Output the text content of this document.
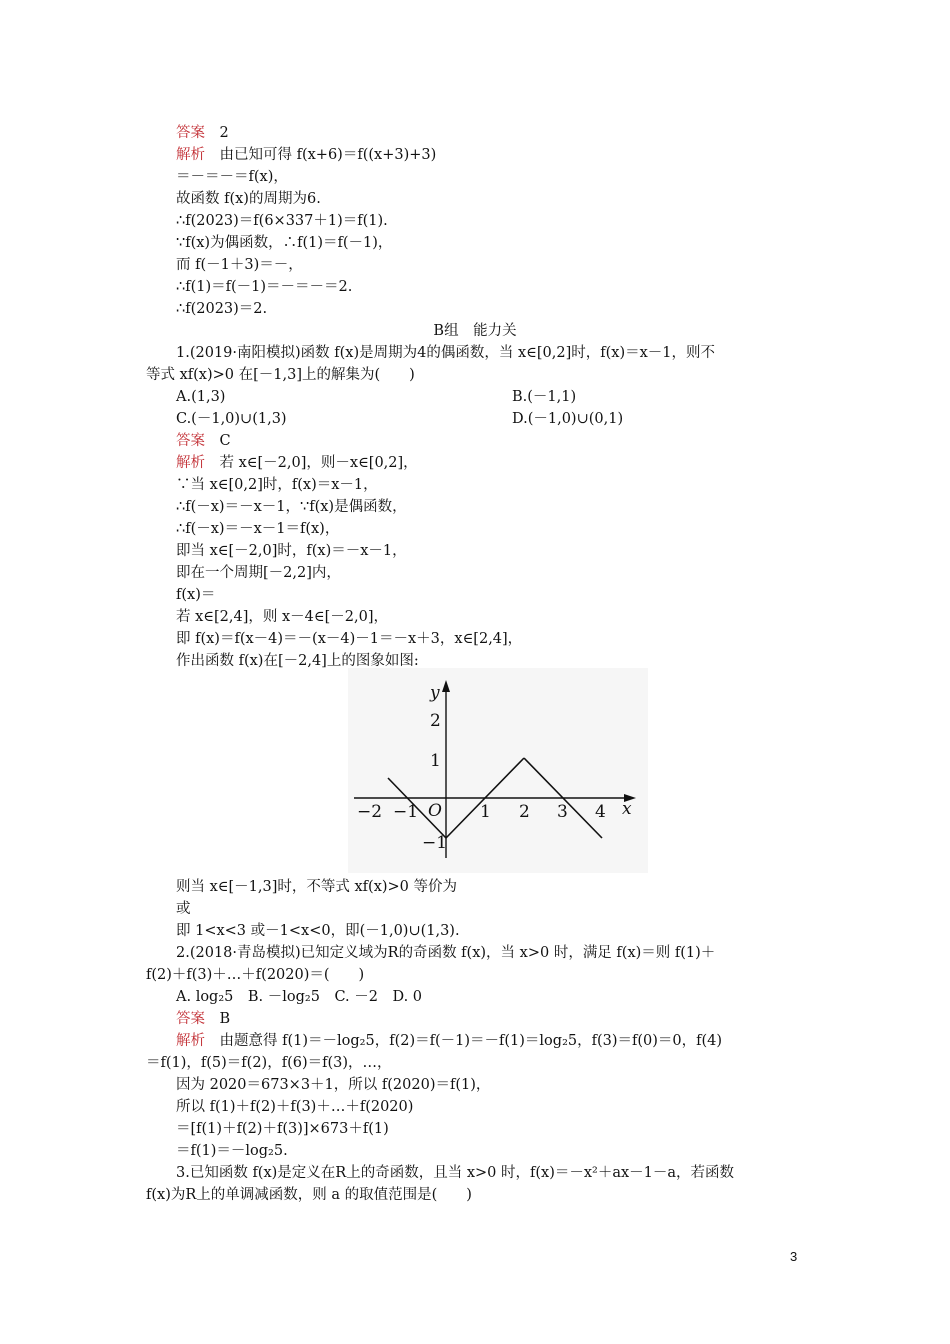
答案　2
解析　由已知可得 f(x+6)＝f((x+3)+3)
＝－＝－＝f(x)，
故函数 f(x)的周期为6.
∴f(2023)＝f(6×337＋1)＝f(1).
∵f(x)为偶函数，∴f(1)＝f(－1)，
而 f(－1＋3)＝－，
∴f(1)＝f(－1)＝－＝－＝2.
∴f(2023)＝2.
B组　能力关
1.(2019·南阳模拟)函数 f(x)是周期为4的偶函数，当 x∈[0,2]时，f(x)＝x－1，则不
等式 xf(x)>0 在[－1,3]上的解集为(　　)
A.(1,3)	B.(－1,1)
C.(－1,0)∪(1,3)	D.(－1,0)∪(0,1)
答案　C
解析　若 x∈[－2,0]，则－x∈[0,2]，
∵当 x∈[0,2]时，f(x)＝x－1，
∴f(－x)＝－x－1，∵f(x)是偶函数，
∴f(－x)＝－x－1＝f(x)，
即当 x∈[－2,0]时，f(x)＝－x－1，
即在一个周期[－2,2]内，
f(x)＝
若 x∈[2,4]，则 x－4∈[－2,0]，
即 f(x)＝f(x－4)＝－(x－4)－1＝－x＋3，x∈[2,4]，
作出函数 f(x)在[－2,4]上的图象如图:
y
x
O
−2 −1	1 2 3 4
2
1
−1
则当 x∈[－1,3]时，不等式 xf(x)>0 等价为
或
即 1<x<3 或－1<x<0，即(－1,0)∪(1,3).
2.(2018·青岛模拟)已知定义域为R的奇函数 f(x)，当 x>0 时，满足 f(x)＝则 f(1)＋
f(2)＋f(3)＋…＋f(2020)＝(　　)
A. log₂5　B. －log₂5　C. －2　D. 0
答案　B
解析　由题意得 f(1)＝－log₂5，f(2)＝f(－1)＝－f(1)＝log₂5，f(3)＝f(0)＝0，f(4)
＝f(1)，f(5)＝f(2)，f(6)＝f(3)，…，
因为 2020＝673×3＋1，所以 f(2020)＝f(1)，
所以 f(1)＋f(2)＋f(3)＋…＋f(2020)
＝[f(1)＋f(2)＋f(3)]×673＋f(1)
＝f(1)＝－log₂5.
3.已知函数 f(x)是定义在R上的奇函数，且当 x>0 时，f(x)＝－x²＋ax－1－a，若函数
f(x)为R上的单调减函数，则 a 的取值范围是(　　)
3
